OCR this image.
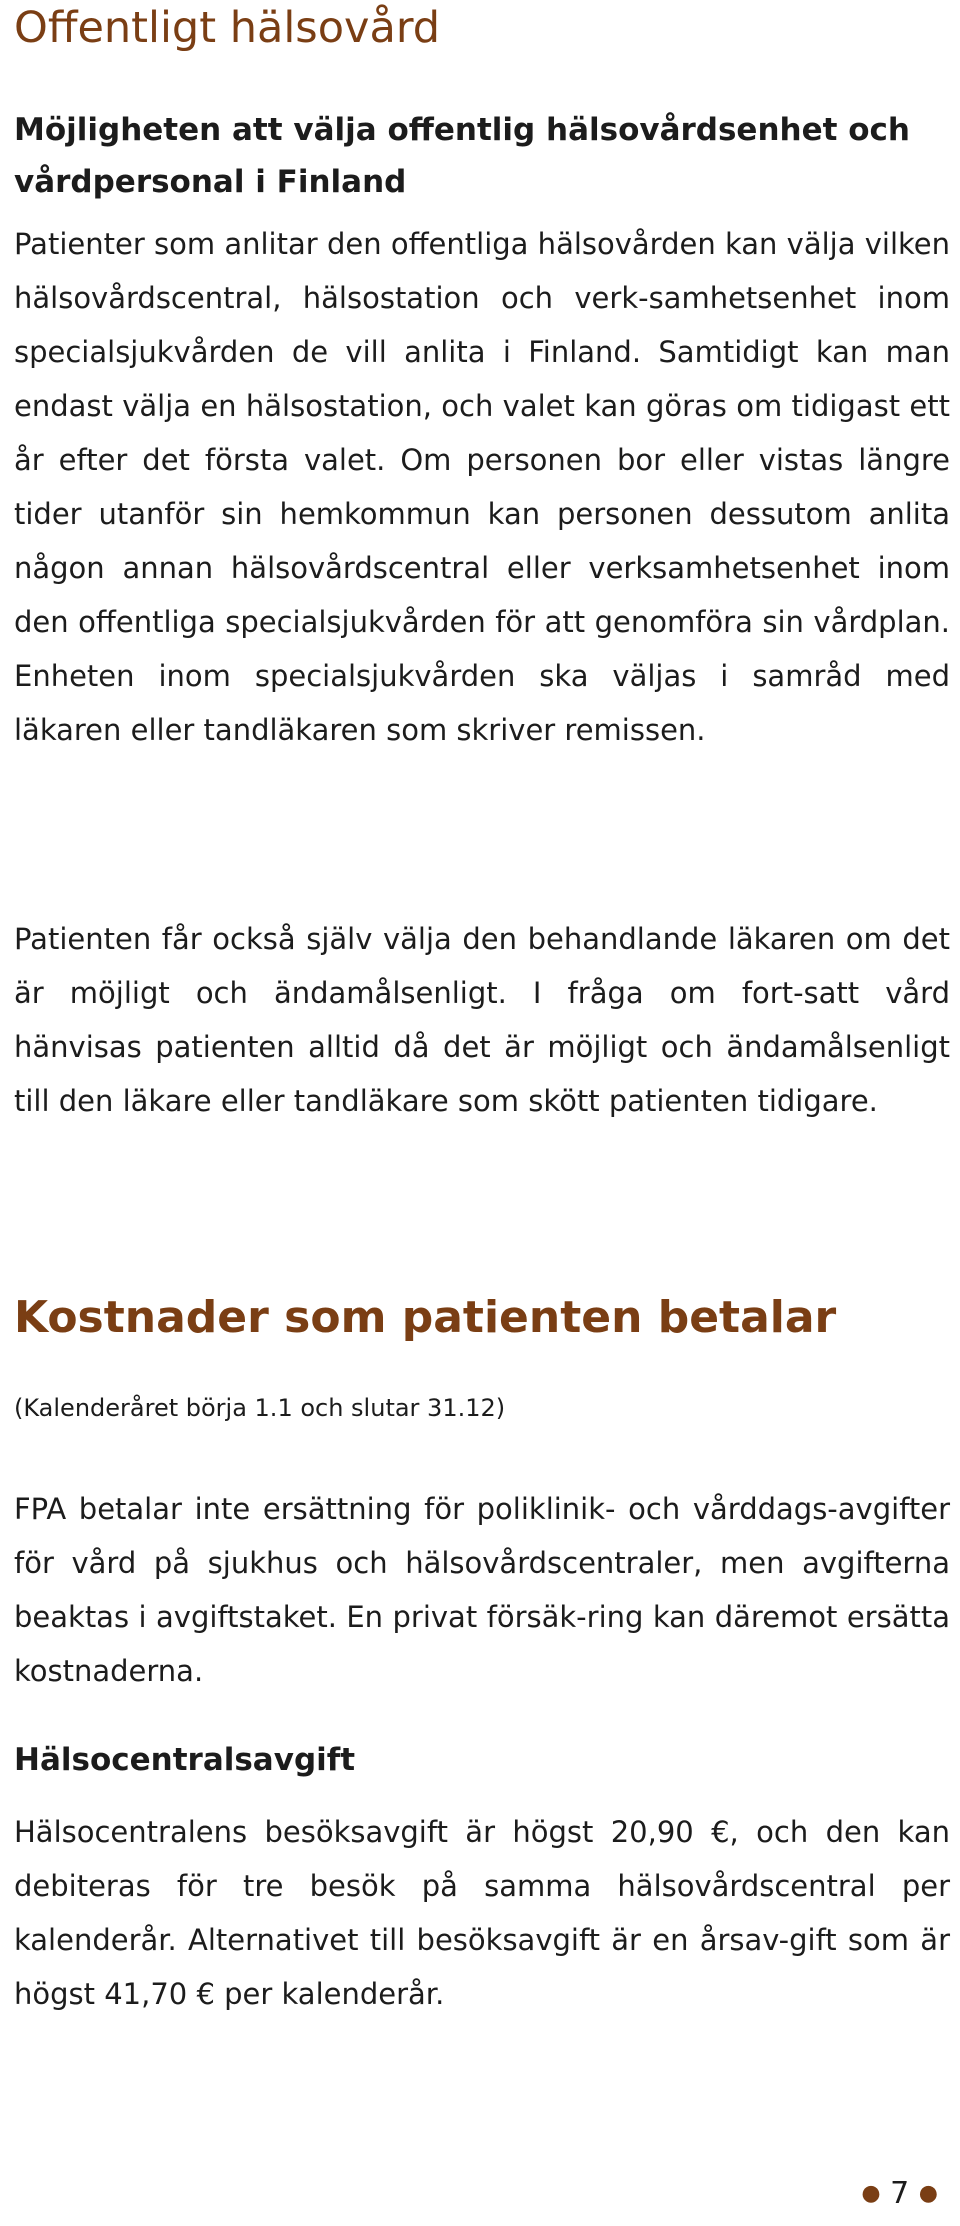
Offentligt hälsovård
Möjligheten att välja offentlig hälsovårdsenhet och vårdpersonal i Finland

Patienter som anlitar den offentliga hälsovården kan välja vilken hälsovårdscentral, hälsostation och verk-samhetsenhet inom specialsjukvården de vill anlita i Finland. Samtidigt kan man endast välja en hälsostation, och valet kan göras om tidigast ett år efter det första valet. Om personen bor eller vistas längre tider utanför sin hemkommun kan personen dessutom anlita någon annan hälsovårdscentral eller verksamhetsenhet inom den offentliga specialsjukvården för att genomföra sin vårdplan. Enheten inom specialsjukvården ska väljas i samråd med läkaren eller tandläkaren som skriver remissen.

Patienten får också själv välja den behandlande läkaren om det är möjligt och ändamålsenligt. I fråga om fort-satt vård hänvisas patienten alltid då det är möjligt och ändamålsenligt till den läkare eller tandläkare som skött patienten tidigare.

Kostnader som patienten betalar

(Kalenderåret börja 1.1 och slutar 31.12)

FPA betalar inte ersättning för poliklinik- och vårddags-avgifter för vård på sjukhus och hälsovårdscentraler, men avgifterna beaktas i avgiftstaket. En privat försäk-ring kan däremot ersätta kostnaderna.

Hälsocentralsavgift

Hälsocentralens besöksavgift är högst 20,90 €, och den kan debiteras för tre besök på samma hälsovårdscentral per kalenderår. Alternativet till besöksavgift är en årsav-gift som är högst 41,70 € per kalenderår.

● 7 ●
